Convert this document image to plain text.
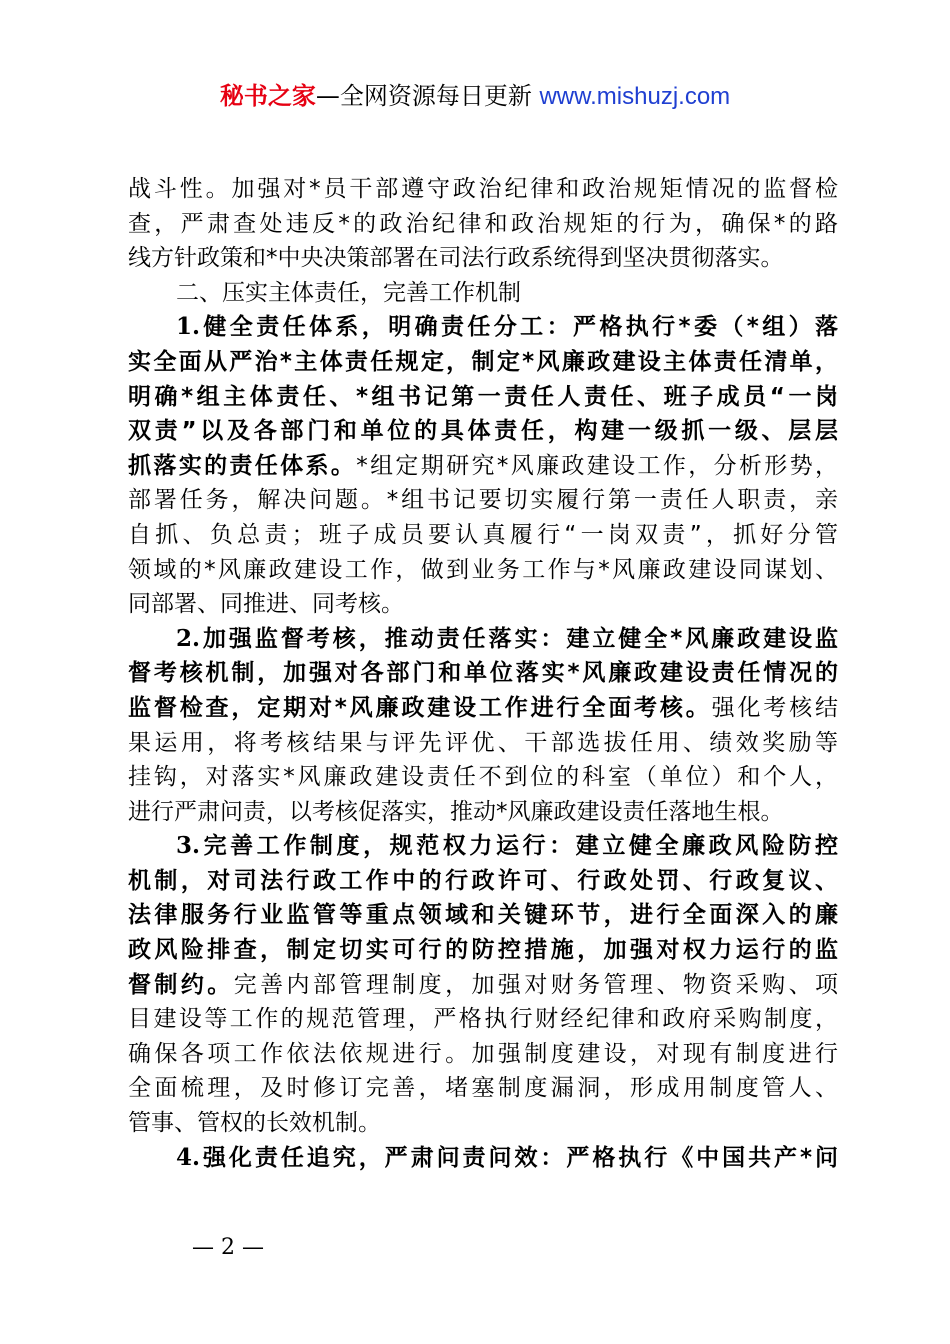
秘书之家—全网资源每日更新 www.mishuzj.com
战斗性。加强对*员干部遵守政治纪律和政治规矩情况的监督检
查，严肃查处违反*的政治纪律和政治规矩的行为，确保*的路
线方针政策和*中央决策部署在司法行政系统得到坚决贯彻落实。
二、压实主体责任，完善工作机制
1.健全责任体系，明确责任分工：严格执行*委（*组）落
实全面从严治*主体责任规定，制定*风廉政建设主体责任清单，
明确*组主体责任、*组书记第一责任人责任、班子成员“一岗
双责”以及各部门和单位的具体责任，构建一级抓一级、层层
抓落实的责任体系。*组定期研究*风廉政建设工作，分析形势，
部署任务，解决问题。*组书记要切实履行第一责任人职责，亲
自抓、负总责；班子成员要认真履行“一岗双责”，抓好分管
领域的*风廉政建设工作，做到业务工作与*风廉政建设同谋划、
同部署、同推进、同考核。
2.加强监督考核，推动责任落实：建立健全*风廉政建设监
督考核机制，加强对各部门和单位落实*风廉政建设责任情况的
监督检查，定期对*风廉政建设工作进行全面考核。强化考核结
果运用，将考核结果与评先评优、干部选拔任用、绩效奖励等
挂钩，对落实*风廉政建设责任不到位的科室（单位）和个人，
进行严肃问责，以考核促落实，推动*风廉政建设责任落地生根。
3.完善工作制度，规范权力运行：建立健全廉政风险防控
机制，对司法行政工作中的行政许可、行政处罚、行政复议、
法律服务行业监管等重点领域和关键环节，进行全面深入的廉
政风险排查，制定切实可行的防控措施，加强对权力运行的监
督制约。完善内部管理制度，加强对财务管理、物资采购、项
目建设等工作的规范管理，严格执行财经纪律和政府采购制度，
确保各项工作依法依规进行。加强制度建设，对现有制度进行
全面梳理，及时修订完善，堵塞制度漏洞，形成用制度管人、
管事、管权的长效机制。
4.强化责任追究，严肃问责问效：严格执行《中国共产*问
— 2 —
